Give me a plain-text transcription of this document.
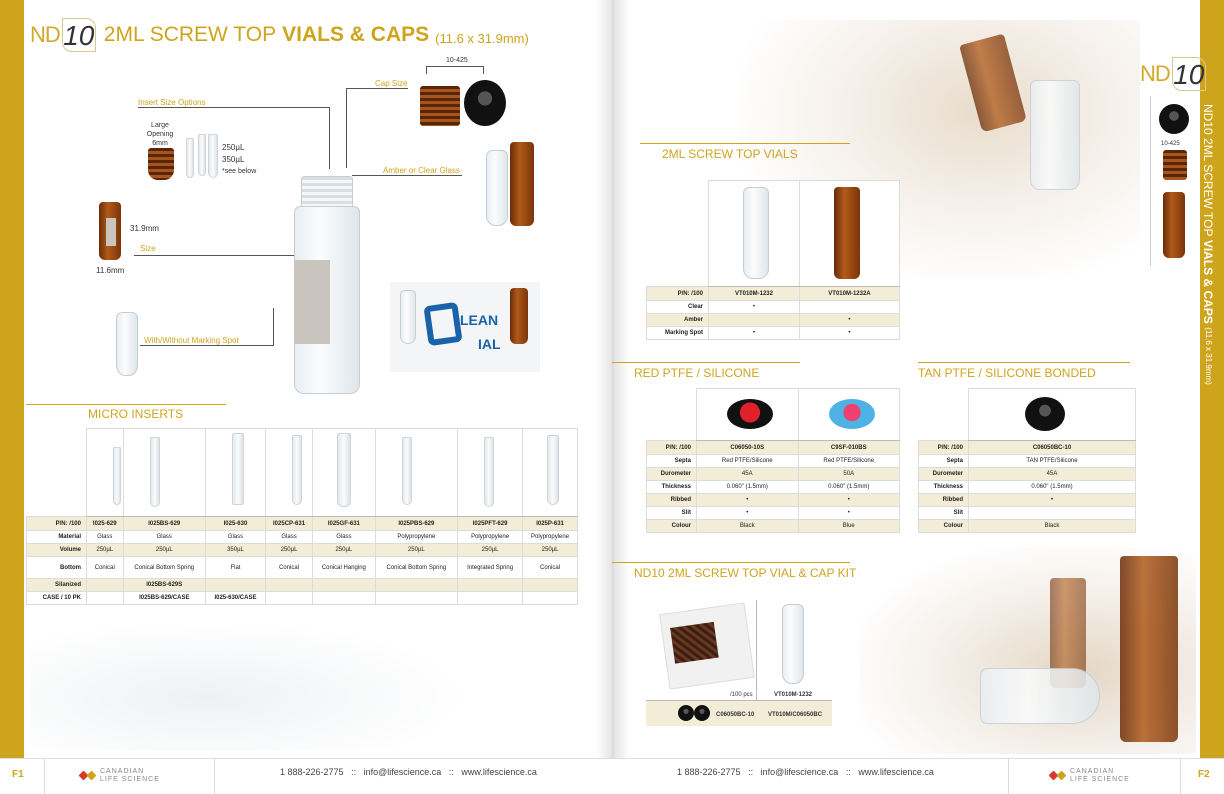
ND 10 2ML SCREW TOP VIALS & CAPS (11.6 x 31.9mm)
Cap Size
10-425
Insert Size Options
Large Opening 6mm	250µL
350µL
*see below	Amber or Clear Glass
31.9mm
11.6mm
Size
With/Without Marking Spot
LEAN
IAL
MICRO INSERTS

P/N: /100	I025-629	I025BS-629	I025-630	I025CP-631	I025GF-631	I025PBS-629	I025PFT-629	I025P-631
Material	Glass	Glass	Glass	Glass	Glass	Polypropylene	Polypropylene	Polypropylene
Volume	250µL	250µL	350µL	250µL	250µL	250µL	250µL	250µL
Bottom	Conical	Conical Bottom Spring	Flat	Conical	Conical Hanging	Conical Bottom Spring	Integrated Spring	Conical
Silanized		I025BS-629S						
CASE / 10 PK		I025BS-629/CASE	I025-630/CASE					
ND 10
10-425 ND10 2ML SCREW TOP VIALS & CAPS (11.6 x 31.9mm)
2ML SCREW TOP VIALS

P/N: /100	VT010M-1232	VT010M-1232A
Clear	•	
Amber		•
Marking Spot	•	•
RED PTFE / SILICONE

P/N: /100	C06050-10S	C9SF-010BS
Septa	Red PTFE/Silicone	Red PTFE/Silicone
Durometer	45A	50A
Thickness	0.060" (1.5mm)	0.060" (1.5mm)
Ribbed	•	•
Slit	•	•
Colour	Black	Blue
TAN PTFE / SILICONE BONDED

P/N: /100	C06050BC-10
Septa	TAN PTFE/Silicone
Durometer	45A
Thickness	0.060" (1.5mm)
Ribbed	•
Slit	
Colour	Black
ND10 2ML SCREW TOP VIAL & CAP KIT
/100 pcs	VT010M-1232
C06050BC-10 VT010M/C06050BC
F1	CANADIAN
LIFE SCIENCE
1 888-226-2775 :: info@lifescience.ca :: www.lifescience.ca	1 888-226-2775 :: info@lifescience.ca :: www.lifescience.ca	CANADIAN
LIFE SCIENCE	F2
